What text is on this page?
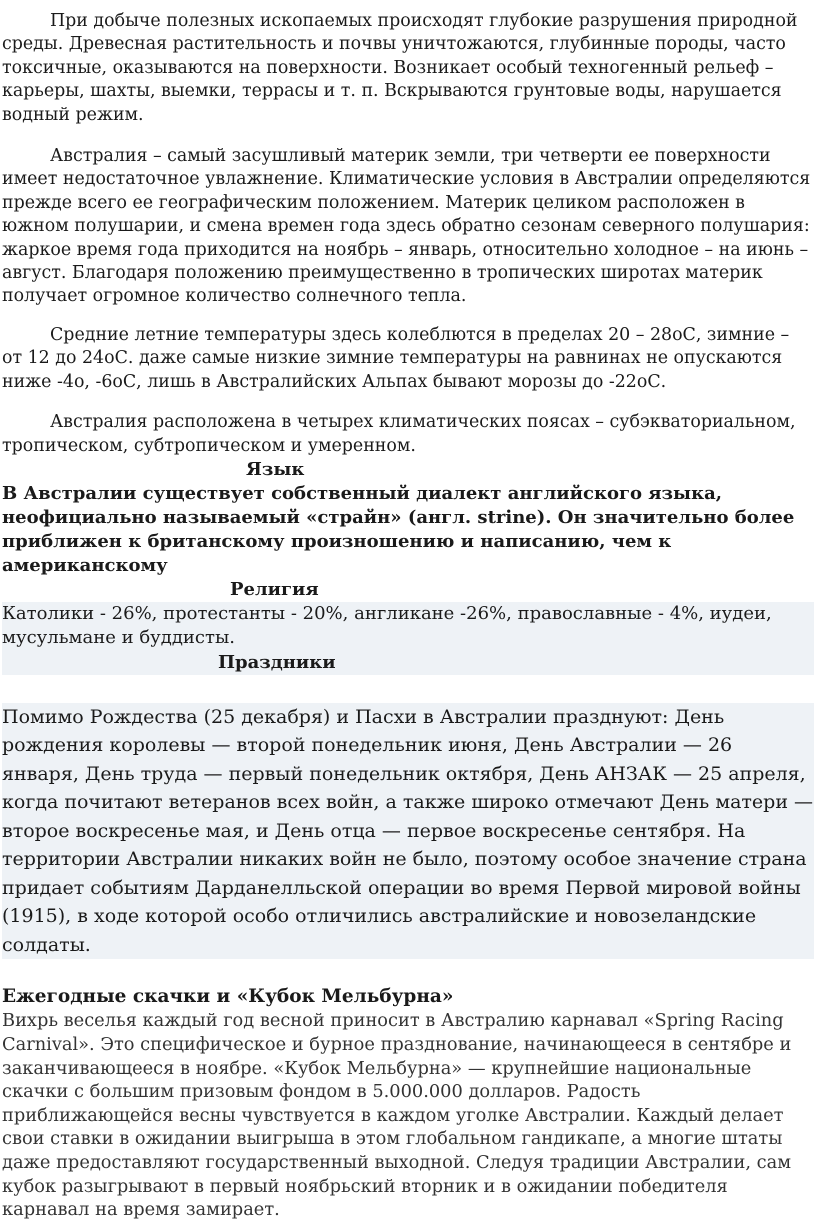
При добыче полезных ископаемых происходят глубокие разрушения природной среды. Древесная растительность и почвы уничтожаются, глубинные породы, часто токсичные, оказываются на поверхности. Возникает особый техногенный рельеф – карьеры, шахты, выемки, террасы и т. п. Вскрываются грунтовые воды, нарушается водный режим.

Австралия – самый засушливый материк земли, три четверти ее поверхности имеет недостаточное увлажнение. Климатические условия в Австралии определяются прежде всего ее географическим положением. Материк целиком расположен в южном полушарии, и смена времен года здесь обратно сезонам северного полушария: жаркое время года приходится на ноябрь – январь, относительно холодное – на июнь – август. Благодаря положению преимущественно в тропических широтах материк получает огромное количество солнечного тепла.

Средние летние температуры здесь колеблются в пределах 20 – 28оС, зимние – от 12 до 24оС. даже самые низкие зимние температуры на равнинах не опускаются ниже -4о, -6оС, лишь в Австралийских Альпах бывают морозы до -22оС.

Австралия расположена в четырех климатических поясах – субэкваториальном, тропическом, субтропическом и умеренном.

Язык

В Австралии существует собственный диалект английского языка, неофициально называемый «страйн» (англ. strine). Он значительно более приближен к британскому произношению и написанию, чем к американскому

Религия

Католики - 26%, протестанты - 20%, англикане -26%, православные - 4%, иудеи, мусульмане и буддисты.

Праздники

Помимо Рождества (25 декабря) и Пасхи в Австралии празднуют: День рождения королевы — второй понедельник июня, День Австралии — 26 января, День труда — первый понедельник октября, День АНЗАК — 25 апреля, когда почитают ветеранов всех войн, а также широко отмечают День матери — второе воскресенье мая, и День отца — первое воскресенье сентября. На территории Австралии никаких войн не было, поэтому особое значение страна придает событиям Дарданелльской операции во время Первой мировой войны (1915), в ходе которой особо отличились австралийские и новозеландские солдаты.

Ежегодные скачки и «Кубок Мельбурна»

Вихрь веселья каждый год весной приносит в Австралию карнавал «Spring Racing Carnival». Это специфическое и бурное празднование, начинающееся в сентябре и заканчивающееся в ноябре. «Кубок Мельбурна» — крупнейшие национальные скачки с большим призовым фондом в 5.000.000 долларов. Радость приближающейся весны чувствуется в каждом уголке Австралии. Каждый делает свои ставки в ожидании выигрыша в этом глобальном гандикапе, а многие штаты даже предоставляют государственный выходной. Следуя традиции Австралии, сам кубок разыгрывают в первый ноябрьский вторник и в ожидании победителя карнавал на время замирает.
